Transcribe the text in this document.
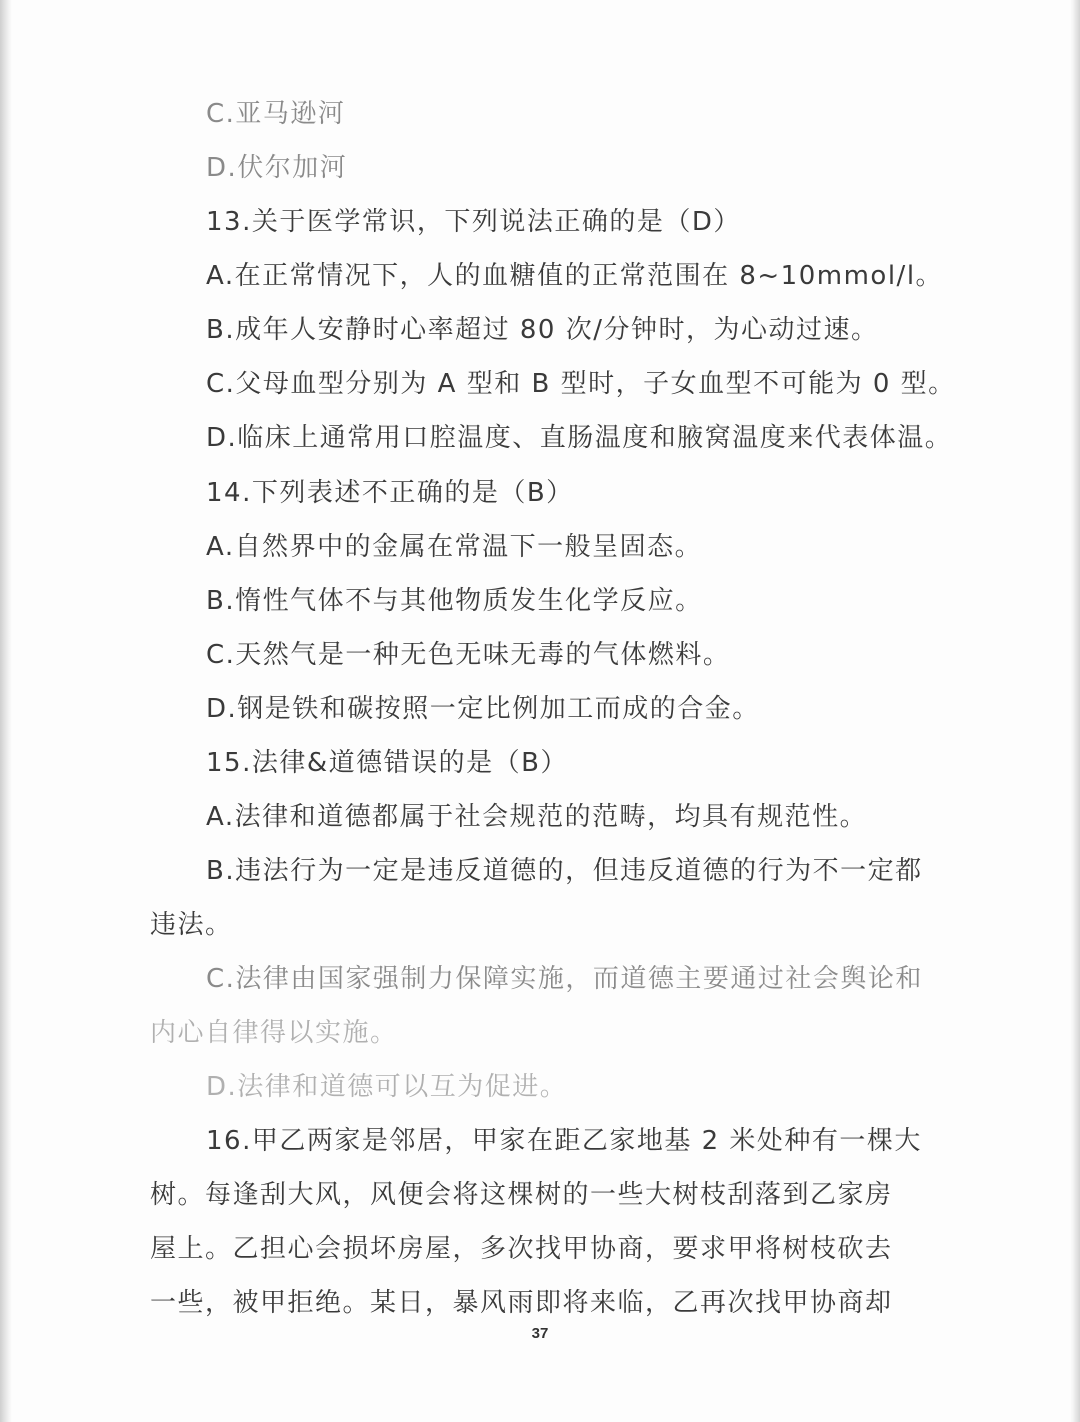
C.亚马逊河
D.伏尔加河
13.关于医学常识，下列说法正确的是（D）
A.在正常情况下，人的血糖值的正常范围在 8~10mmol/l。
B.成年人安静时心率超过 80 次/分钟时，为心动过速。
C.父母血型分别为 A 型和 B 型时，子女血型不可能为 0 型。
D.临床上通常用口腔温度、直肠温度和腋窝温度来代表体温。
14.下列表述不正确的是（B）
A.自然界中的金属在常温下一般呈固态。
B.惰性气体不与其他物质发生化学反应。
C.天然气是一种无色无味无毒的气体燃料。
D.钢是铁和碳按照一定比例加工而成的合金。
15.法律&道德错误的是（B）
A.法律和道德都属于社会规范的范畴，均具有规范性。
B.违法行为一定是违反道德的，但违反道德的行为不一定都
违法。
C.法律由国家强制力保障实施，而道德主要通过社会舆论和
内心自律得以实施。
D.法律和道德可以互为促进。
16.甲乙两家是邻居，甲家在距乙家地基 2 米处种有一棵大
树。每逢刮大风，风便会将这棵树的一些大树枝刮落到乙家房
屋上。乙担心会损坏房屋，多次找甲协商，要求甲将树枝砍去
一些，被甲拒绝。某日，暴风雨即将来临，乙再次找甲协商却
37
